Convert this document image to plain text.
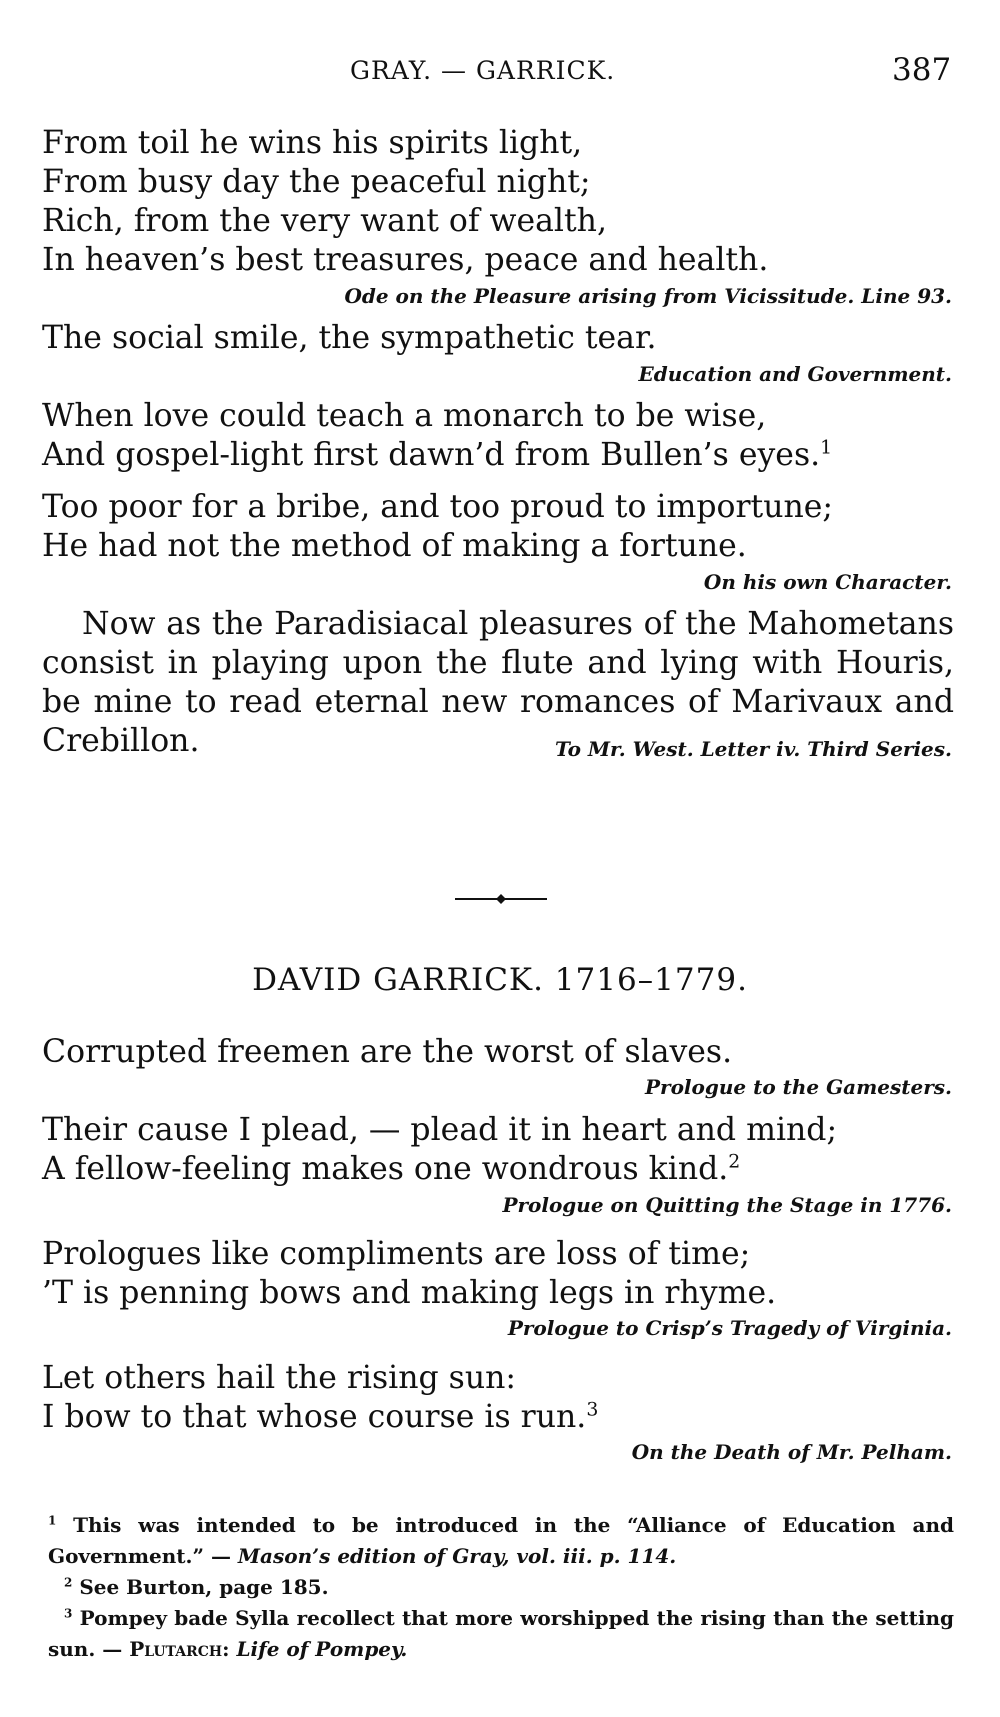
GRAY. — GARRICK.	387
From toil he wins his spirits light,
From busy day the peaceful night;
Rich, from the very want of wealth,
In heaven’s best treasures, peace and health.
Ode on the Pleasure arising from Vicissitude. Line 93.
The social smile, the sympathetic tear.
Education and Government.
When love could teach a monarch to be wise,
And gospel-light first dawn’d from Bullen’s eyes.$^1$
Too poor for a bribe, and too proud to importune;
He had not the method of making a fortune.
On his own Character.
Now as the Paradisiacal pleasures of the Mahometans consist in playing upon the flute and lying with Houris, be mine to read eternal new romances of Marivaux and Crebillon.	To Mr. West. Letter iv. Third Series.
DAVID GARRICK. 1716–1779.
Corrupted freemen are the worst of slaves.
Prologue to the Gamesters.
Their cause I plead, — plead it in heart and mind;
A fellow-feeling makes one wondrous kind.$^2$
Prologue on Quitting the Stage in 1776.
Prologues like compliments are loss of time;
’T is penning bows and making legs in rhyme.
Prologue to Crisp’s Tragedy of Virginia.
Let others hail the rising sun:
I bow to that whose course is run.$^3$
On the Death of Mr. Pelham.
$^1$ This was intended to be introduced in the “Alliance of Education and Government.” — Mason’s edition of Gray, vol. iii. p. 114.
$^2$ See Burton, page 185.
$^3$ Pompey bade Sylla recollect that more worshipped the rising than the setting sun. — Plutarch: Life of Pompey.
